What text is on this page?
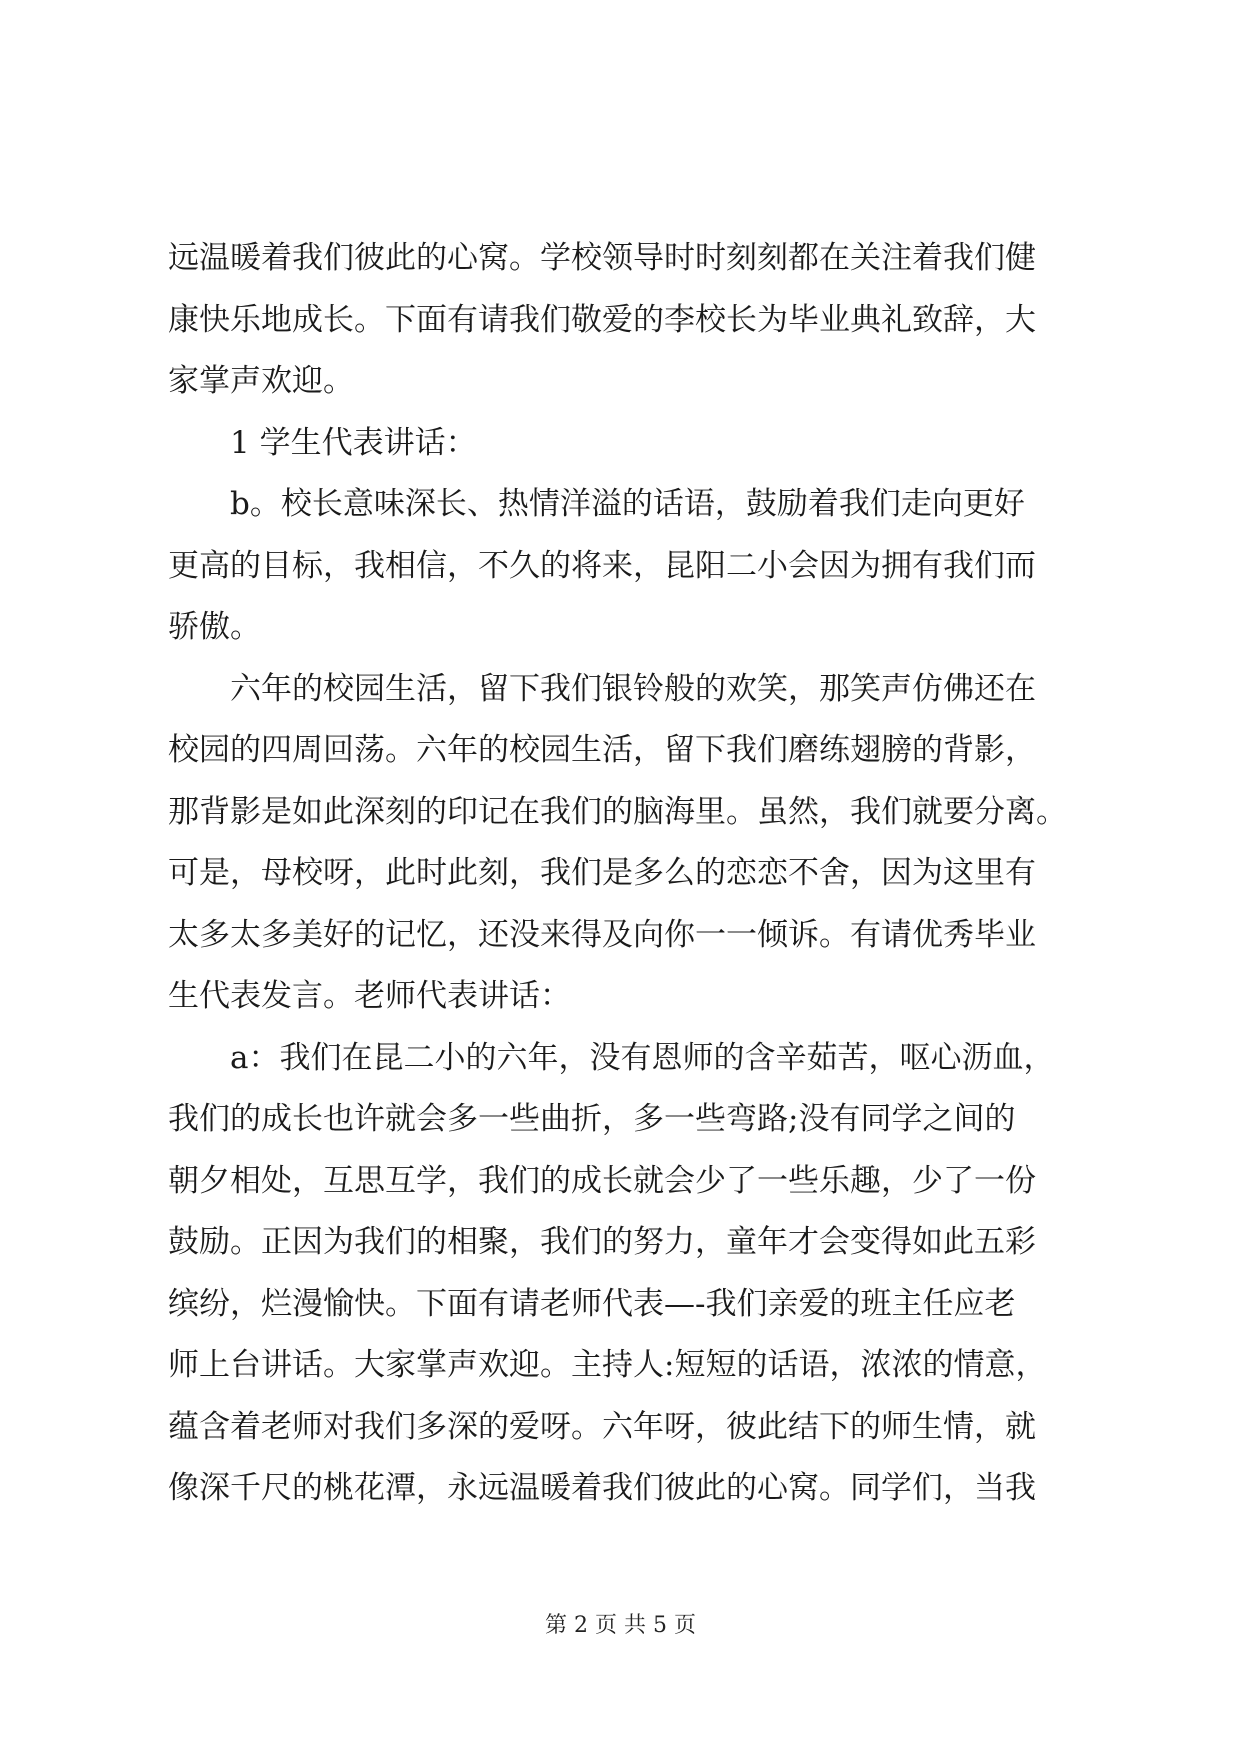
远温暖着我们彼此的心窝。学校领导时时刻刻都在关注着我们健
康快乐地成长。下面有请我们敬爱的李校长为毕业典礼致辞，大
家掌声欢迎。
1 学生代表讲话：
b。校长意味深长、热情洋溢的话语，鼓励着我们走向更好
更高的目标，我相信，不久的将来，昆阳二小会因为拥有我们而
骄傲。
六年的校园生活，留下我们银铃般的欢笑，那笑声仿佛还在
校园的四周回荡。六年的校园生活，留下我们磨练翅膀的背影，
那背影是如此深刻的印记在我们的脑海里。虽然，我们就要分离。
可是，母校呀，此时此刻，我们是多么的恋恋不舍，因为这里有
太多太多美好的记忆，还没来得及向你一一倾诉。有请优秀毕业
生代表发言。老师代表讲话：
a：我们在昆二小的六年，没有恩师的含辛茹苦，呕心沥血，
我们的成长也许就会多一些曲折，多一些弯路;没有同学之间的
朝夕相处，互思互学，我们的成长就会少了一些乐趣，少了一份
鼓励。正因为我们的相聚，我们的努力，童年才会变得如此五彩
缤纷，烂漫愉快。下面有请老师代表—-我们亲爱的班主任应老
师上台讲话。大家掌声欢迎。主持人:短短的话语，浓浓的情意，
蕴含着老师对我们多深的爱呀。六年呀，彼此结下的师生情，就
像深千尺的桃花潭，永远温暖着我们彼此的心窝。同学们，当我
第 2 页 共 5 页
